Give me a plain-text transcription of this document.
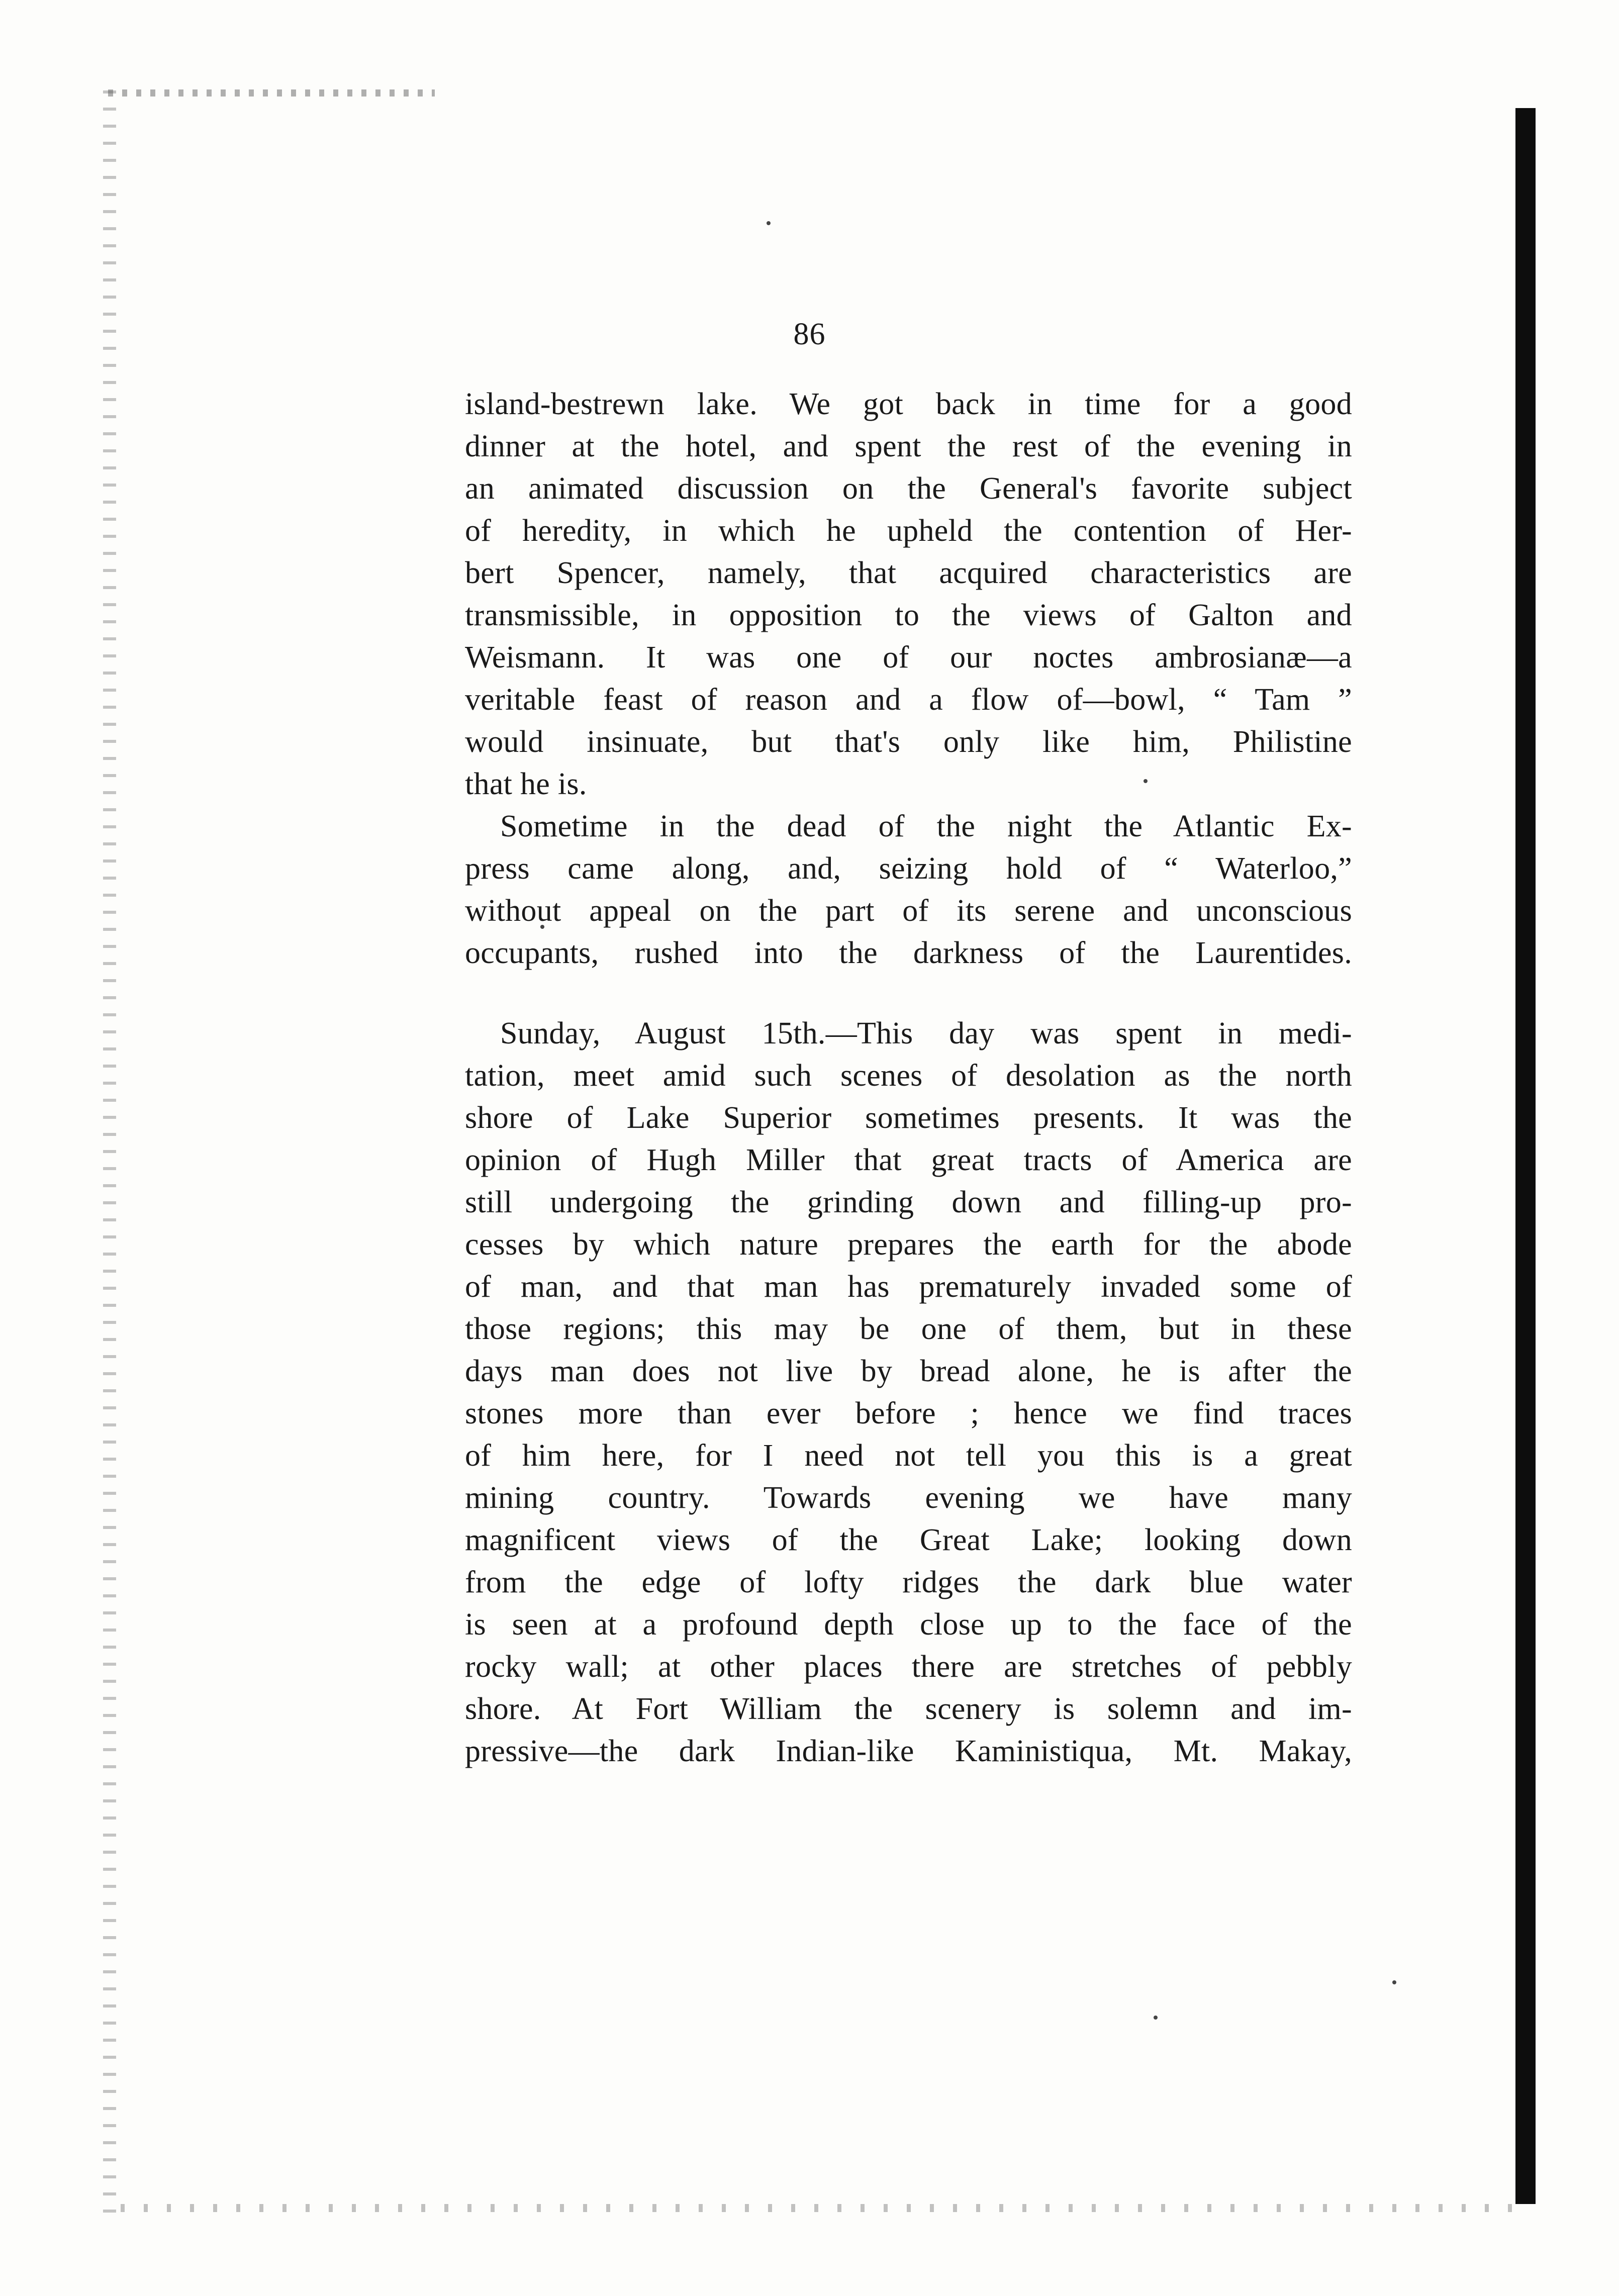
86
island-bestrewn lake. We got back in time for a good
dinner at the hotel, and spent the rest of the evening in
an animated discussion on the General's favorite subject
of heredity, in which he upheld the contention of Her-
bert Spencer, namely, that acquired characteristics are
transmissible, in opposition to the views of Galton and
Weismann. It was one of our noctes ambrosianæ—a
veritable feast of reason and a flow of—bowl, “ Tam ”
would insinuate, but that's only like him, Philistine
that he is.
Sometime in the dead of the night the Atlantic Ex-
press came along, and, seizing hold of “ Waterloo,”
without appeal on the part of its serene and unconscious
occupants, rushed into the darkness of the Laurentides.
Sunday, August 15th.—This day was spent in medi-
tation, meet amid such scenes of desolation as the north
shore of Lake Superior sometimes presents. It was the
opinion of Hugh Miller that great tracts of America are
still undergoing the grinding down and filling-up pro-
cesses by which nature prepares the earth for the abode
of man, and that man has prematurely invaded some of
those regions; this may be one of them, but in these
days man does not live by bread alone, he is after the
stones more than ever before ; hence we find traces
of him here, for I need not tell you this is a great
mining country. Towards evening we have many
magnificent views of the Great Lake; looking down
from the edge of lofty ridges the dark blue water
is seen at a profound depth close up to the face of the
rocky wall; at other places there are stretches of pebbly
shore. At Fort William the scenery is solemn and im-
pressive—the dark Indian-like Kaministiqua, Mt. Makay,
